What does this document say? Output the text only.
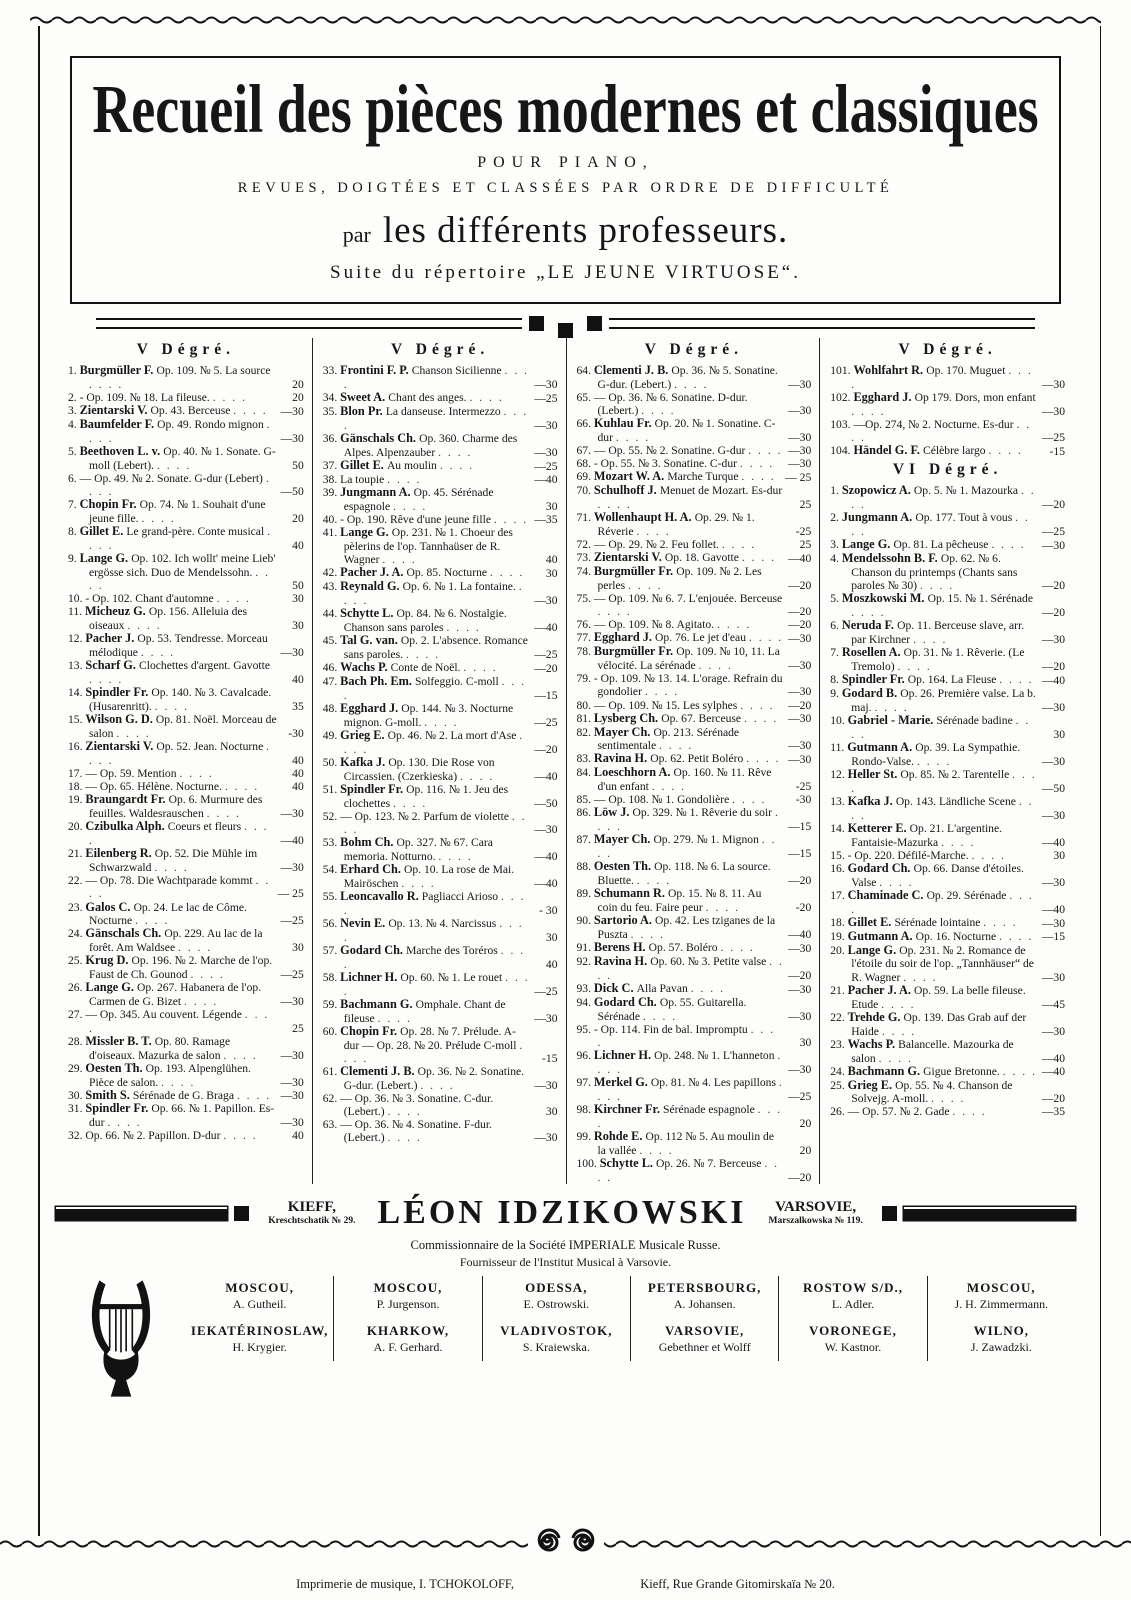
Recueil des pièces modernes et classiques
POUR PIANO,
REVUES, DOIGTÉES ET CLASSÉES PAR ORDRE DE DIFFICULTÉ
par les différents professeurs.
Suite du répertoire „LE JEUNE VIRTUOSE“.
V Dégré.

1. Burgmüller F. Op. 109. № 5. La source . . . .	20

2. - Op. 109. № 18. La fileuse. . . . .	20

3. Zientarski V. Op. 43. Berceuse . . . . —30

4. Baumfelder F. Op. 49. Rondo mignon . . . .	—30

5. Beethoven L. v. Op. 40. № 1. Sonate. G-moll (Lebert). . . . .	50

6. — Op. 49. № 2. Sonate. G-dur (Lebert) . . . .	—50

7. Chopin Fr. Op. 74. № 1. Souhait d'une jeune fille. . . . .	20

8. Gillet E. Le grand-père. Conte musical . . . .	40

9. Lange G. Op. 102. Ich wollt' meine Lieb' ergösse sich. Duo de Mendelssohn. . . . .	50

10. - Op. 102. Chant d'automne . . . .	30

11. Micheuz G. Op. 156. Alleluia des oiseaux . . . .	30

12. Pacher J. Op. 53. Tendresse. Morceau mélodique . . . .	—30

13. Scharf G. Clochettes d'argent. Gavotte . . . .	40

14. Spindler Fr. Op. 140. № 3. Cavalcade. (Husarenritt). . . . .	35

15. Wilson G. D. Op. 81. Noël. Morceau de salon . . . .	-30

16. Zientarski V. Op. 52. Jean. Nocturne . . . .	40

17. — Op. 59. Mention . . . .	40

18. — Op. 65. Hélène. Nocturne. . . . .	40

19. Braungardt Fr. Op. 6. Murmure des feuilles. Waldesrauschen . . . .	—30

20. Czibulka Alph. Coeurs et fleurs . . . .	—40

21. Eilenberg R. Op. 52. Die Mühle im Schwarzwald . . . .	—30

22. — Op. 78. Die Wachtparade kommt . . . .	— 25

23. Galos C. Op. 24. Le lac de Côme. Nocturne . . . .	—25

24. Gänschals Ch. Op. 229. Au lac de la forêt. Am Waldsee . . . .	30

25. Krug D. Op. 196. № 2. Marche de l'op. Faust de Ch. Gounod . . . .	—25

26. Lange G. Op. 267. Habanera de l'op. Carmen de G. Bizet . . . .	—30

27. — Op. 345. Au couvent. Légende . . . .	25

28. Missler B. T. Op. 80. Ramage d'oiseaux. Mazurka de salon . . . . —30

29. Oesten Th. Op. 193. Alpenglühen. Pièce de salon. . . . .	—30

30. Smith S. Sérénade de G. Braga . . . . —30

31. Spindler Fr. Op. 66. № 1. Papillon. Es-dur . . . .	—30

32. Op. 66. № 2. Papillon. D-dur . . . .	40

V Dégré.

33. Frontini F. P. Chanson Sicilienne . . . .	—30

34. Sweet A. Chant des anges. . . . .	—25

35. Blon Pr. La danseuse. Intermezzo . . . .	—30

36. Gänschals Ch. Op. 360. Charme des Alpes. Alpenzauber . . . .	—30

37. Gillet E. Au moulin . . . .	—25

38. La toupie . . . .	—40

39. Jungmann A. Op. 45. Sérénade espagnole . . . .	30

40. - Op. 190. Rêve d'une jeune fille . . . . —35

41. Lange G. Op. 231. № 1. Choeur des pèlerins de l'op. Tannhaüser de R. Wagner . . . .	40

42. Pacher J. A. Op. 85. Nocturne . . . . 30

43. Reynald G. Op. 6. № 1. La fontaine. . . . .	—30

44. Schytte L. Op. 84. № 6. Nostalgie. Chanson sans paroles . . . .	—40

45. Tal G. van. Op. 2. L'absence. Romance sans paroles. . . . .	—25

46. Wachs P. Conte de Noël. . . . .	—20

47. Bach Ph. Em. Solfeggio. C-moll . . . .	—15

48. Egghard J. Op. 144. № 3. Nocturne mignon. G-moll. . . . .	—25

49. Grieg E. Op. 46. № 2. La mort d'Ase . . . .	—20

50. Kafka J. Op. 130. Die Rose von Circassien. (Czerkieska) . . . .	—40

51. Spindler Fr. Op. 116. № 1. Jeu des clochettes . . . .	—50

52. — Op. 123. № 2. Parfum de violette . . . .	—30

53. Bohm Ch. Op. 327. № 67. Cara memoria. Notturno. . . . .	—40

54. Erhard Ch. Op. 10. La rose de Mai. Mairöschen . . . .	—40

55. Leoncavallo R. Pagliacci Arioso . . . .	- 30

56. Nevin E. Op. 13. № 4. Narcissus . . . .	30

57. Godard Ch. Marche des Toréros . . . .	40

58. Lichner H. Op. 60. № 1. Le rouet . . . .	—25

59. Bachmann G. Omphale. Chant de fileuse . . . .	—30

60. Chopin Fr. Op. 28. № 7. Prélude. A-dur — Op. 28. № 20. Prélude C-moll . . . .	-15

61. Clementi J. B. Op. 36. № 2. Sonatine. G-dur. (Lebert.) . . . .	—30

62. — Op. 36. № 3. Sonatine. C-dur. (Lebert.) . . . .	30

63. — Op. 36. № 4. Sonatine. F-dur. (Lebert.) . . . .	—30

V Dégré.

64. Clementi J. B. Op. 36. № 5. Sonatine. G-dur. (Lebert.) . . . .	—30

65. — Op. 36. № 6. Sonatine. D-dur. (Lebert.) . . . .	—30

66. Kuhlau Fr. Op. 20. № 1. Sonatine. C-dur . . . .	—30

67. — Op. 55. № 2. Sonatine. G-dur . . . . —30

68. - Op. 55. № 3. Sonatine. C-dur . . . . —30

69. Mozart W. A. Marche Turque . . . . — 25

70. Schulhoff J. Menuet de Mozart. Es-dur . . . .	25

71. Wollenhaupt H. A. Op. 29. № 1. Réverie . . . .	-25

72. — Op. 29. № 2. Feu follet. . . . .	25

73. Zientarski V. Op. 18. Gavotte . . . . —40

74. Burgmüller Fr. Op. 109. № 2. Les perles . . . .	—20

75. — Op. 109. № 6. 7. L'enjouée. Berceuse . . . .	—20

76. — Op. 109. № 8. Agitato. . . . .	—20

77. Egghard J. Op. 76. Le jet d'eau . . . . —30

78. Burgmüller Fr. Op. 109. № 10, 11. La vélocité. La sérénade . . . .	—30

79. - Op. 109. № 13. 14. L'orage. Refrain du gondolier . . . .	—30

80. — Op. 109. № 15. Les sylphes . . . . —20

81. Lysberg Ch. Op. 67. Berceuse . . . . —30

82. Mayer Ch. Op. 213. Sérénade sentimentale . . . .	—30

83. Ravina H. Op. 62. Petit Boléro . . . . —30

84. Loeschhorn A. Op. 160. № 11. Rêve d'un enfant . . . .	-25

85. — Op. 108. № 1. Gondolière . . . .	-30

86. Löw J. Op. 329. № 1. Rêverie du soir . . . .	—15

87. Mayer Ch. Op. 279. № 1. Mignon . . . .	—15

88. Oesten Th. Op. 118. № 6. La source. Bluette. . . . .	—20

89. Schumann R. Op. 15. № 8. 11. Au coin du feu. Faire peur . . . .	-20

90. Sartorio A. Op. 42. Les tziganes de la Puszta . . . .	—40

91. Berens H. Op. 57. Boléro . . . .	—30

92. Ravina H. Op. 60. № 3. Petite valse . . . .	—20

93. Dick C. Alla Pavan . . . .	—30

94. Godard Ch. Op. 55. Guitarella. Sérénade . . . .	—30

95. - Op. 114. Fin de bal. Impromptu . . . .	30

96. Lichner H. Op. 248. № 1. L'hanneton . . . .	—30

97. Merkel G. Op. 81. № 4. Les papillons . . . .	—25

98. Kirchner Fr. Sérénade espagnole . . . .	20

99. Rohde E. Op. 112 № 5. Au moulin de la vallée . . . .	20

100. Schytte L. Op. 26. № 7. Berceuse . . . .	—20

V Dégré.

101. Wohlfahrt R. Op. 170. Muguet . . . .	—30

102. Egghard J. Op 179. Dors, mon enfant . . . .	—30

103. —Op. 274, № 2. Nocturne. Es-dur . . . .	—25

104. Händel G. F. Célèbre largo . . . . -15

VI Dégré.

1. Szopowicz A. Op. 5. № 1. Mazourka . . . .	—20

2. Jungmann A. Op. 177. Tout à vous . . . .	—25

3. Lange G. Op. 81. La pêcheuse . . . . —30

4. Mendelssohn B. F. Op. 62. № 6. Chanson du printemps (Chants sans paroles № 30) . . . .	—20

5. Moszkowski M. Op. 15. № 1. Sérénade . . . .	—20

6. Neruda F. Op. 11. Berceuse slave, arr. par Kirchner . . . .	—30

7. Rosellen A. Op. 31. № 1. Rêverie. (Le Tremolo) . . . .	—20

8. Spindler Fr. Op. 164. La Fleuse . . . . —40

9. Godard B. Op. 26. Première valse. La b. maj. . . . .	—30

10. Gabriel - Marie. Sérénade badine . . . .	30

11. Gutmann A. Op. 39. La Sympathie. Rondo-Valse. . . . .	—30

12. Heller St. Op. 85. № 2. Tarentelle . . . .	—50

13. Kafka J. Op. 143. Ländliche Scene . . . .	—30

14. Ketterer E. Op. 21. L'argentine. Fantaisie-Mazurka . . . .	—40

15. - Op. 220. Défilé-Marche. . . . .	30

16. Godard Ch. Op. 66. Danse d'étoiles. Valse . . . .	—30

17. Chaminade C. Op. 29. Sérénade . . . .	—40

18. Gillet E. Sérénade lointaine . . . . —30

19. Gutmann A. Op. 16. Nocturne . . . . —15

20. Lange G. Op. 231. № 2. Romance de l'étoile du soir de l'op. „Tannhäuser“ de R. Wagner . . . .	—30

21. Pacher J. A. Op. 59. La belle fileuse. Etude . . . .	—45

22. Trehde G. Op. 139. Das Grab auf der Haide . . . .	—30

23. Wachs P. Balancelle. Mazourka de salon . . . .	—40

24. Bachmann G. Gigue Bretonne. . . . . —40

25. Grieg E. Op. 55. № 4. Chanson de Solvejg. A-moll. . . . .	—20

26. — Op. 57. № 2. Gade . . . .	—35

KIEFF,
Kreschtschatik № 29. LÉON IDZIKOWSKI	VARSOVIE,
Marszalkowska № 119.
Commissionnaire de la Société IMPERIALE Musicale Russe.
Fournisseur de l'Institut Musical à Varsovie.
MOSCOU,
A. Gutheil.
MOSCOU,
P. Jurgenson.
ODESSA,
E. Ostrowski.
PETERSBOURG,
A. Johansen.
ROSTOW S/D.,
L. Adler.
MOSCOU,
J. H. Zimmermann.
IEKATÉRINOSLAW,
H. Krygier.
KHARKOW,
A. F. Gerhard.
VLADIVOSTOK,
S. Kraiewska.
VARSOVIE,
Gebethner et Wolff
VORONEGE,
W. Kastnor.
WILNO,
J. Zawadzki.

Imprimerie de musique, I. TCHOKOLOFF,	Kieff, Rue Grande Gitomirskaïa № 20.
